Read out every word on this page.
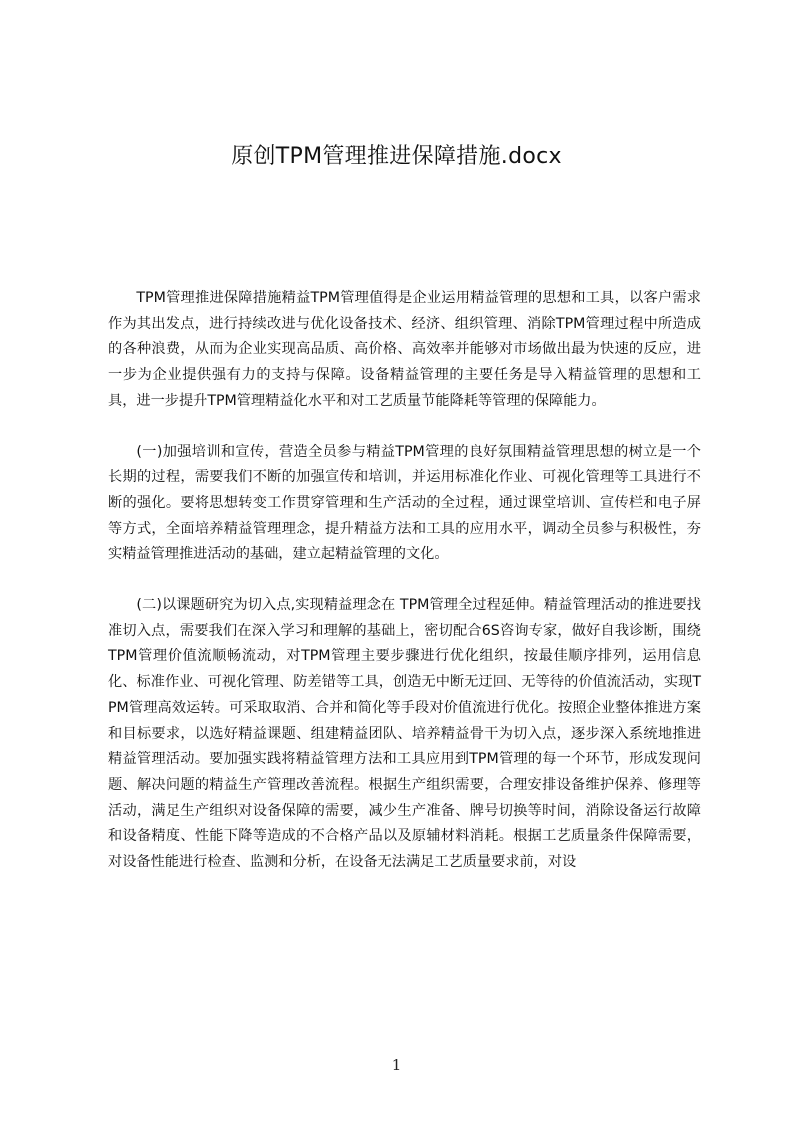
原创TPM管理推进保障措施.docx

TPM管理推进保障措施精益TPM管理值得是企业运用精益管理的思想和工具，以客户需求作为其出发点，进行持续改进与优化设备技术、经济、组织管理、消除TPM管理过程中所造成的各种浪费，从而为企业实现高品质、高价格、高效率并能够对市场做出最为快速的反应，进一步为企业提供强有力的支持与保障。设备精益管理的主要任务是导入精益管理的思想和工具，进一步提升TPM管理精益化水平和对工艺质量节能降耗等管理的保障能力。

(一)加强培训和宣传，营造全员参与精益TPM管理的良好氛围精益管理思想的树立是一个长期的过程，需要我们不断的加强宣传和培训，并运用标准化作业、可视化管理等工具进行不断的强化。要将思想转变工作贯穿管理和生产活动的全过程，通过课堂培训、宣传栏和电子屏等方式，全面培养精益管理理念，提升精益方法和工具的应用水平，调动全员参与积极性，夯实精益管理推进活动的基础，建立起精益管理的文化。

(二)以课题研究为切入点,实现精益理念在 TPM管理全过程延伸。精益管理活动的推进要找准切入点，需要我们在深入学习和理解的基础上，密切配合6S咨询专家，做好自我诊断，围绕TPM管理价值流顺畅流动，对TPM管理主要步骤进行优化组织，按最佳顺序排列，运用信息化、标准作业、可视化管理、防差错等工具，创造无中断无迂回、无等待的价值流活动，实现TPM管理高效运转。可采取取消、合并和简化等手段对价值流进行优化。按照企业整体推进方案和目标要求，以选好精益课题、组建精益团队、培养精益骨干为切入点，逐步深入系统地推进精益管理活动。要加强实践将精益管理方法和工具应用到TPM管理的每一个环节，形成发现问题、解决问题的精益生产管理改善流程。根据生产组织需要，合理安排设备维护保养、修理等活动，满足生产组织对设备保障的需要，减少生产准备、牌号切换等时间，消除设备运行故障和设备精度、性能下降等造成的不合格产品以及原辅材料消耗。根据工艺质量条件保障需要，对设备性能进行检查、监测和分析，在设备无法满足工艺质量要求前，对设

1
